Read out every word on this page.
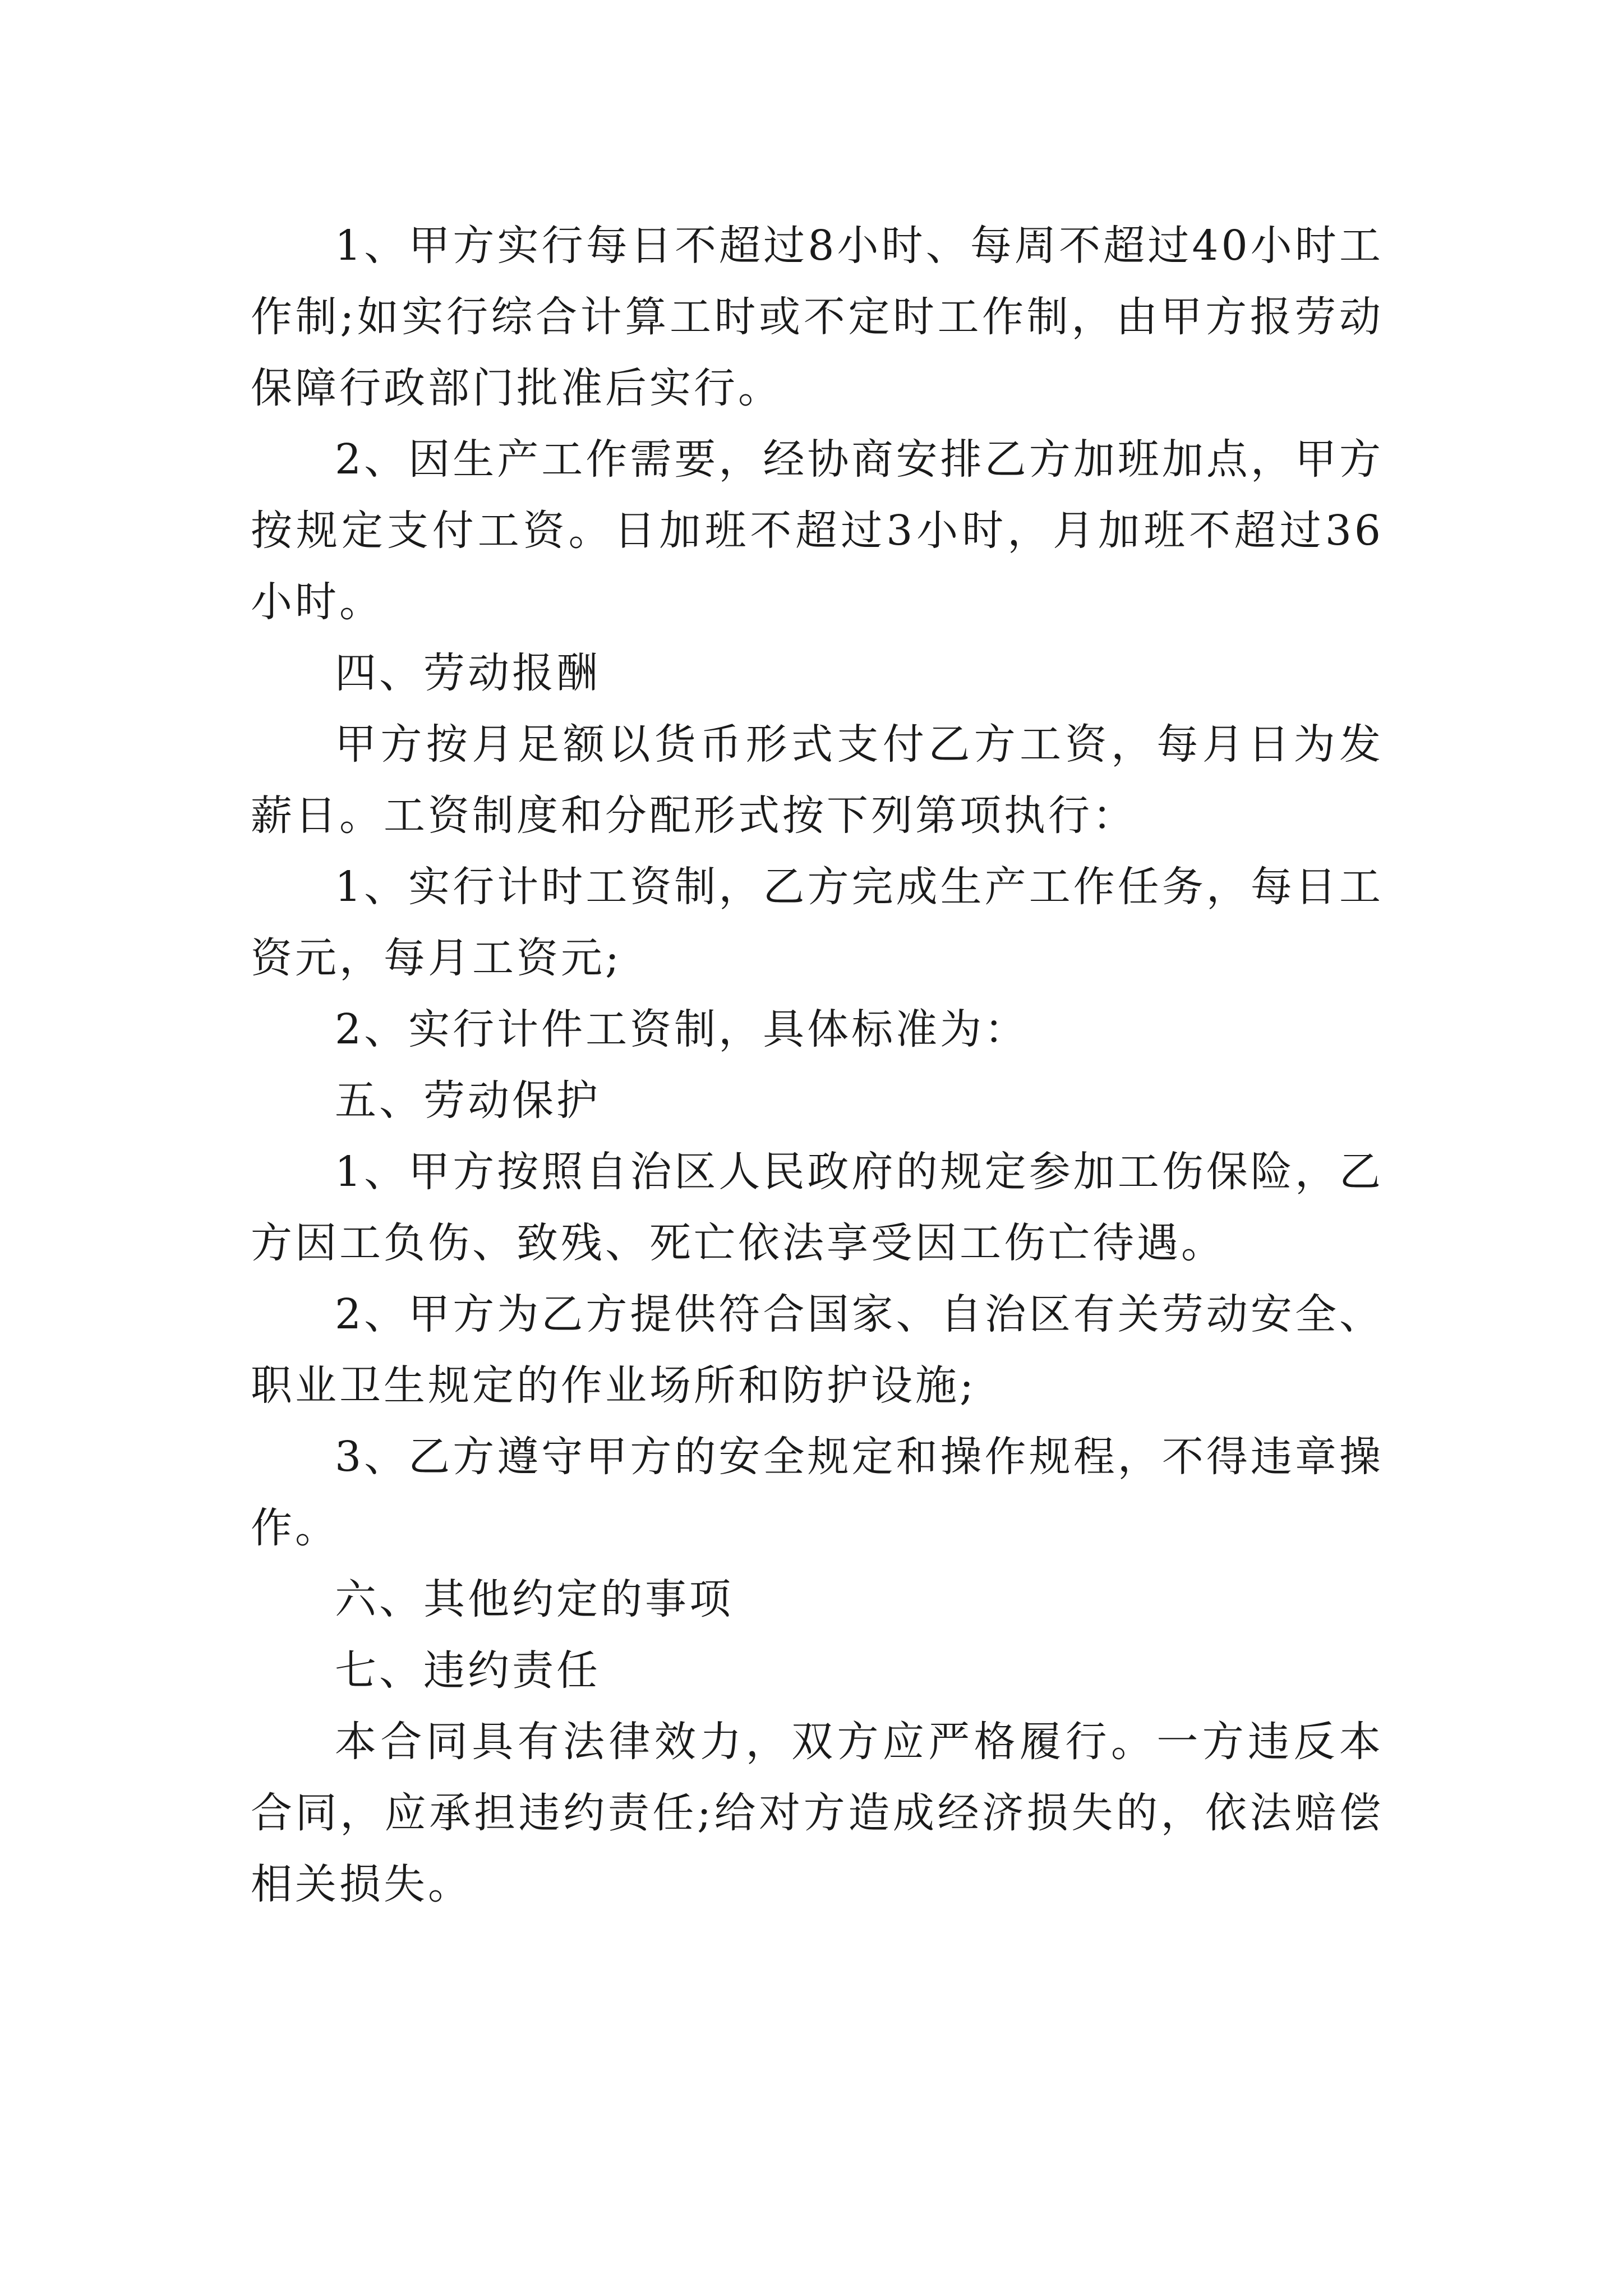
1、甲方实行每日不超过8小时、每周不超过40小时工作制;如实行综合计算工时或不定时工作制，由甲方报劳动保障行政部门批准后实行。

2、因生产工作需要，经协商安排乙方加班加点，甲方按规定支付工资。日加班不超过3小时，月加班不超过36小时。

四、劳动报酬

甲方按月足额以货币形式支付乙方工资，每月日为发薪日。工资制度和分配形式按下列第项执行：

1、实行计时工资制，乙方完成生产工作任务，每日工资元，每月工资元;

2、实行计件工资制，具体标准为：

五、劳动保护

1、甲方按照自治区人民政府的规定参加工伤保险，乙方因工负伤、致残、死亡依法享受因工伤亡待遇。

2、甲方为乙方提供符合国家、自治区有关劳动安全、职业卫生规定的作业场所和防护设施;

3、乙方遵守甲方的安全规定和操作规程，不得违章操作。

六、其他约定的事项

七、违约责任

本合同具有法律效力，双方应严格履行。一方违反本合同，应承担违约责任;给对方造成经济损失的，依法赔偿相关损失。
